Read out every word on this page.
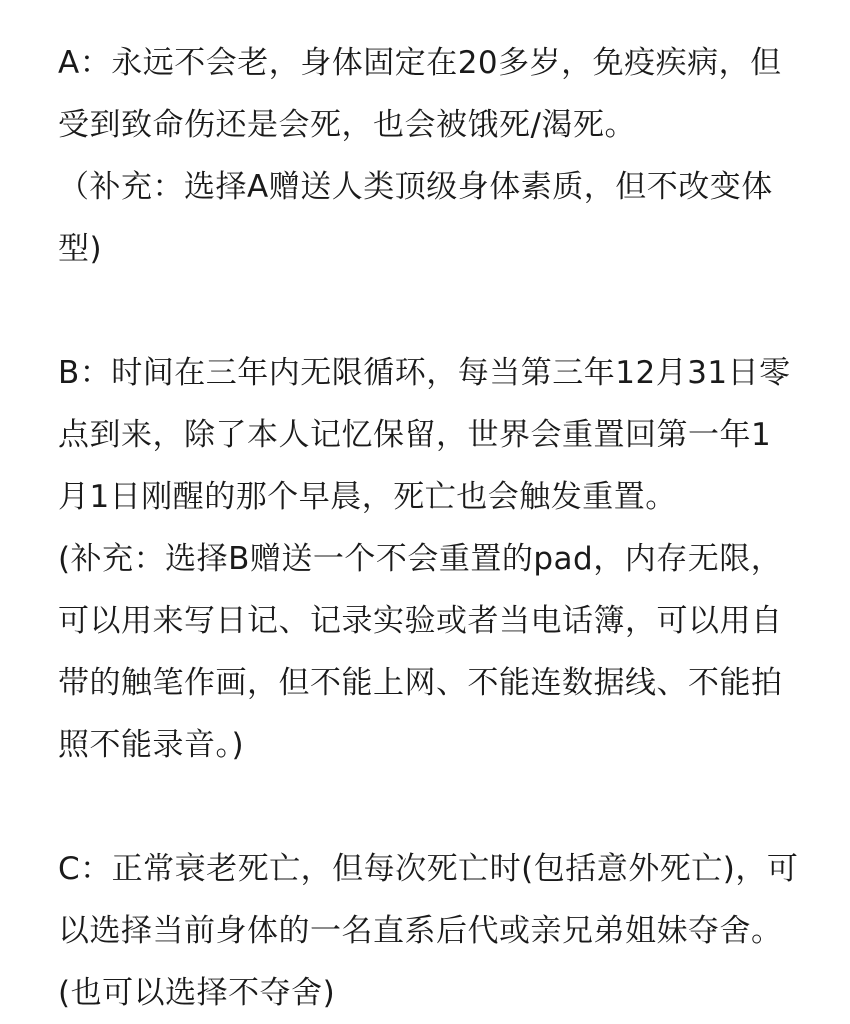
A：永远不会老，身体固定在20多岁，免疫疾病，但
受到致命伤还是会死，也会被饿死/渴死。
（补充：选择A赠送人类顶级身体素质，但不改变体
型)
B：时间在三年内无限循环，每当第三年12月31日零
点到来，除了本人记忆保留，世界会重置回第一年1
月1日刚醒的那个早晨，死亡也会触发重置。
(补充：选择B赠送一个不会重置的pad，内存无限，
可以用来写日记、记录实验或者当电话簿，可以用自
带的触笔作画，但不能上网、不能连数据线、不能拍
照不能录音。)
C：正常衰老死亡，但每次死亡时(包括意外死亡)，可
以选择当前身体的一名直系后代或亲兄弟姐妹夺舍。
(也可以选择不夺舍)
